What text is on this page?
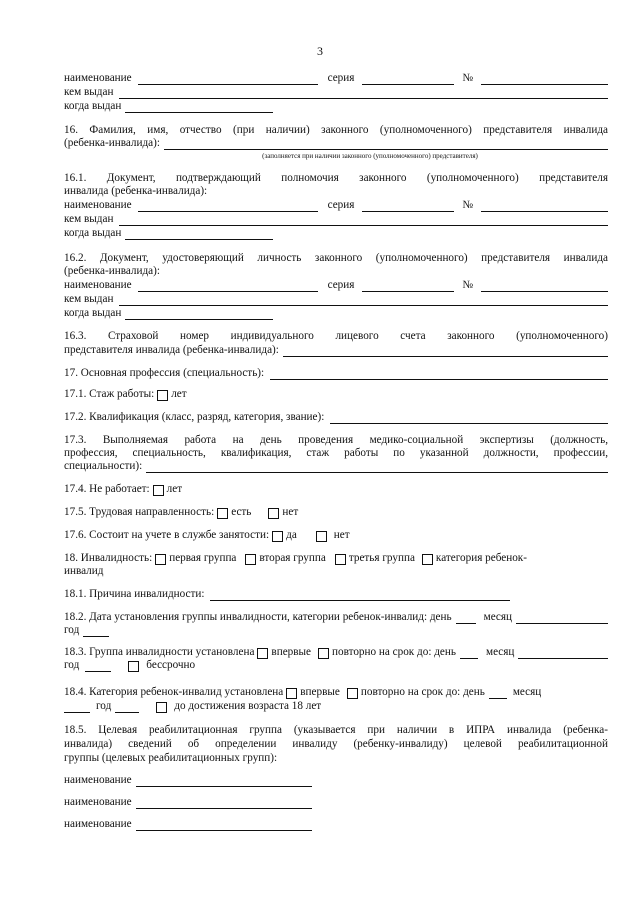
3
наименование	серия	№
кем выдан
когда выдан
16. Фамилия, имя, отчество (при наличии) законного (уполномоченного) представителя инвалида
(ребенка-инвалида):
(заполняется при наличии законного (уполномоченного) представителя)
16.1. Документ, подтверждающий полномочия законного (уполномоченного) представителя
инвалида (ребенка-инвалида):
наименование	серия	№
кем выдан
когда выдан
16.2. Документ, удостоверяющий личность законного (уполномоченного) представителя инвалида
(ребенка-инвалида):
наименование	серия	№
кем выдан
когда выдан
16.3. Страховой номер индивидуального лицевого счета законного (уполномоченного)
представителя инвалида (ребенка-инвалида):
17. Основная профессия (специальность):
17.1. Стаж работы: лет
17.2. Квалификация (класс, разряд, категория, звание):
17.3. Выполняемая работа на день проведения медико-социальной экспертизы (должность,
профессия, специальность, квалификация, стаж работы по указанной должности, профессии,
специальности):
17.4. Не работает: лет
17.5. Трудовая направленность: есть	нет
17.6. Состоит на учете в службе занятости: да	нет
18. Инвалидность: первая группа вторая группа третья группа категория ребенок-
инвалид
18.1. Причина инвалидности:
18.2. Дата установления группы инвалидности, категории ребенок-инвалид: день	месяц
год
18.3. Группа инвалидности установлена впервые повторно на срок до: день	месяц
год	бессрочно
18.4. Категория ребенок-инвалид установлена впервые повторно на срок до: день	месяц
год	до достижения возраста 18 лет
18.5. Целевая реабилитационная группа (указывается при наличии в ИПРА инвалида (ребенка-
инвалида) сведений об определении инвалиду (ребенку-инвалиду) целевой реабилитационной
группы (целевых реабилитационных групп):
наименование
наименование
наименование
